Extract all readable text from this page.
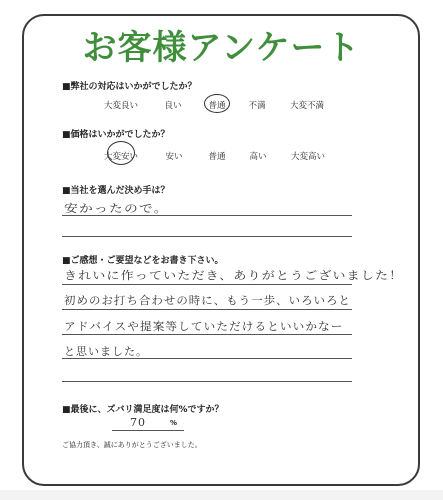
お客様アンケート
■弊社の対応はいかがでしたか？
大変良い	良い	普通	不満	大変不満
■価格はいかがでしたか？
大変安い	安い	普通	高い	大変高い
■当社を選んだ決め手は？
安かったので。
■ご感想・ご要望などをお書き下さい。
きれいに作っていただき、ありがとうございました！
初めのお打ち合わせの時に、もう一歩、いろいろと
アドバイスや提案等していただけるといいかなー
と思いました。
■最後に、ズバリ満足度は何%ですか？
70	%
ご協力頂き、誠にありがとうございました。
